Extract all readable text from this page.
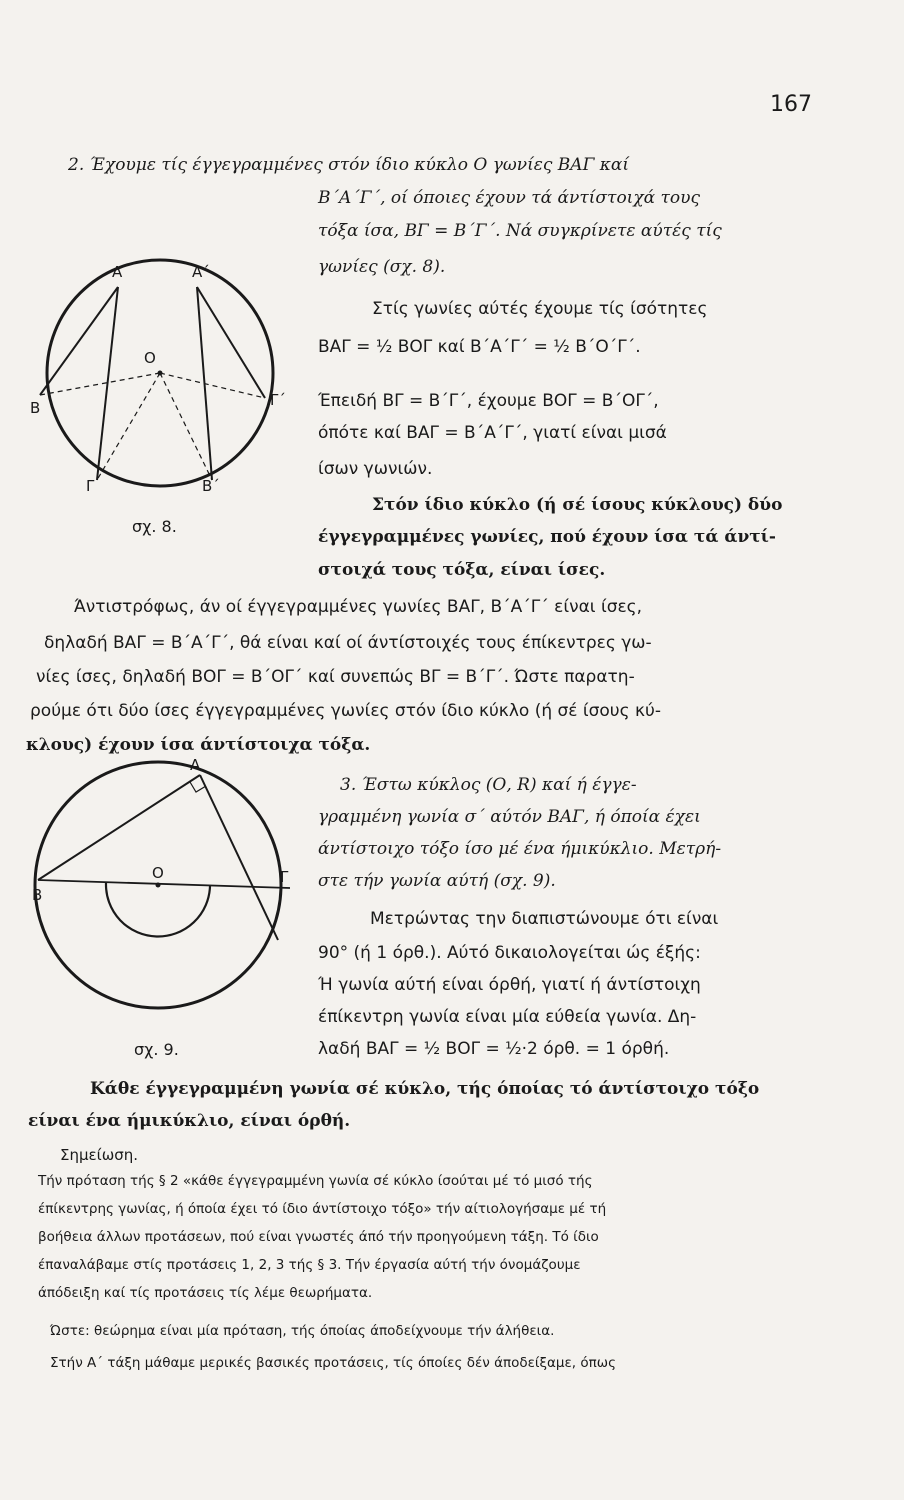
167
2. Έχουμε τίς έγγεγραμμένες στόν ίδιο κύκλο Ο γωνίες ΒΑΓ καί
Β΄Α΄Γ΄, οί όποιες έχουν τά άντίστοιχά τους
τόξα ίσα, ΒΓ = Β΄Γ΄. Νά συγκρίνετε αύτές τίς
γωνίες (σχ. 8).
Στίς γωνίες αύτές έχουμε τίς ίσότητες
ΒΑΓ = ½ ΒΟΓ καί Β΄Α΄Γ΄ = ½ Β΄Ο΄Γ΄.
Έπειδή ΒΓ = Β΄Γ΄, έχουμε ΒΟΓ = Β΄ΟΓ΄,
όπότε καί ΒΑΓ = Β΄Α΄Γ΄, γιατί είναι μισά
ίσων γωνιών.
Στόν ίδιο κύκλο (ή σέ ίσους κύκλους) δύο
έγγεγραμμένες γωνίες, πού έχουν ίσα τά άντί-
στοιχά τους τόξα, είναι ίσες.
Α	Α΄
Ο
Β	Γ΄
Γ	Β΄
σχ. 8.
Άντιστρόφως, άν οί έγγεγραμμένες γωνίες ΒΑΓ, Β΄Α΄Γ΄ είναι ίσες,
δηλαδή ΒΑΓ = Β΄Α΄Γ΄, θά είναι καί οί άντίστοιχές τους έπίκεντρες γω-
νίες ίσες, δηλαδή ΒΟΓ = Β΄ΟΓ΄ καί συνεπώς ΒΓ = Β΄Γ΄. Ώστε παρατη-
ρούμε ότι δύο ίσες έγγεγραμμένες γωνίες στόν ίδιο κύκλο (ή σέ ίσους κύ-
κλους) έχουν ίσα άντίστοιχα τόξα.
3. Έστω κύκλος (Ο, R) καί ή έγγε-
γραμμένη γωνία σ΄ αύτόν ΒΑΓ, ή όποία έχει
άντίστοιχο τόξο ίσο μέ ένα ήμικύκλιο. Μετρή-
στε τήν γωνία αύτή (σχ. 9).
Μετρώντας την διαπιστώνουμε ότι είναι
90° (ή 1 όρθ.). Αύτό δικαιολογείται ώς έξής:
Ή γωνία αύτή είναι όρθή, γιατί ή άντίστοιχη
έπίκεντρη γωνία είναι μία εύθεία γωνία. Δη-
λαδή ΒΑΓ = ½ ΒΟΓ = ½·2 όρθ. = 1 όρθή.
Α
Ο
Β
Γ
σχ. 9.
Κάθε έγγεγραμμένη γωνία σέ κύκλο, τής όποίας τό άντίστοιχο τόξο
είναι ένα ήμικύκλιο, είναι όρθή.
Σημείωση.
Τήν πρόταση τής § 2 «κάθε έγγεγραμμένη γωνία σέ κύκλο ίσούται μέ τό μισό τής
έπίκεντρης γωνίας, ή όποία έχει τό ίδιο άντίστοιχο τόξο» τήν αίτιολογήσαμε μέ τή
βοήθεια άλλων προτάσεων, πού είναι γνωστές άπό τήν προηγούμενη τάξη. Τό ίδιο
έπαναλάβαμε στίς προτάσεις 1, 2, 3 τής § 3. Τήν έργασία αύτή τήν όνομάζουμε
άπόδειξη καί τίς προτάσεις τίς λέμε θεωρήματα.
Ώστε: θεώρημα είναι μία πρόταση, τής όποίας άποδείχνουμε τήν άλήθεια.
Στήν Α΄ τάξη μάθαμε μερικές βασικές προτάσεις, τίς όποίες δέν άποδείξαμε, όπως
